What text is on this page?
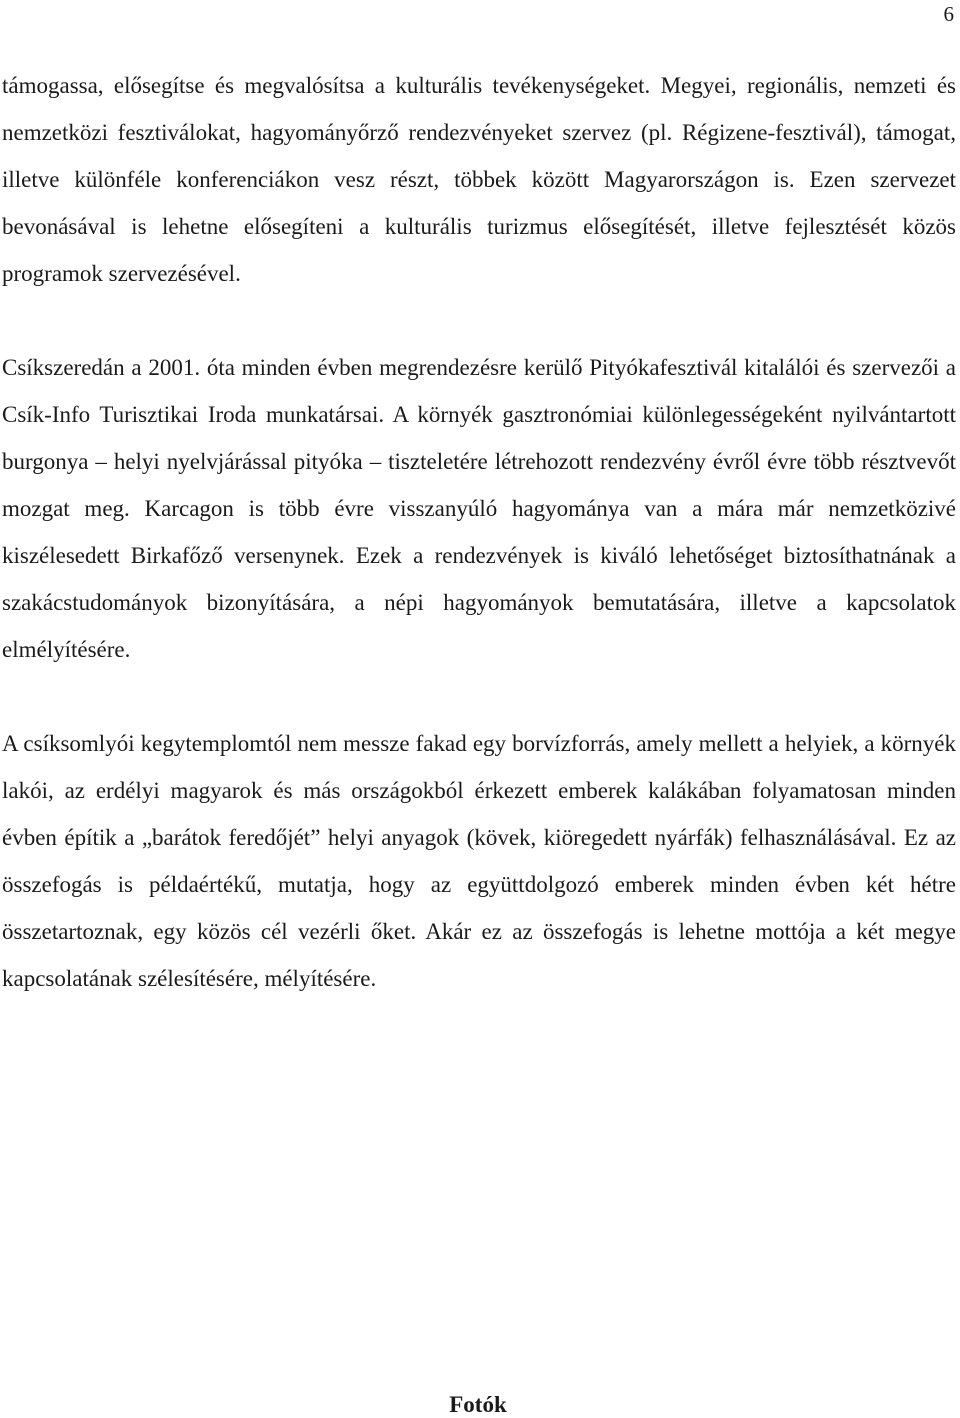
6

támogassa, elősegítse és megvalósítsa a kulturális tevékenységeket. Megyei, regionális, nemzeti és nemzetközi fesztiválokat, hagyományőrző rendezvényeket szervez (pl. Régizene-fesztivál), támogat, illetve különféle konferenciákon vesz részt, többek között Magyarországon is. Ezen szervezet bevonásával is lehetne elősegíteni a kulturális turizmus elősegítését, illetve fejlesztését közös programok szervezésével.

Csíkszeredán a 2001. óta minden évben megrendezésre kerülő Pityókafesztivál kitalálói és szervezői a Csík-Info Turisztikai Iroda munkatársai. A környék gasztronómiai különlegességeként nyilvántartott burgonya – helyi nyelvjárással pityóka – tiszteletére létrehozott rendezvény évről évre több résztvevőt mozgat meg. Karcagon is több évre visszanyúló hagyománya van a mára már nemzetközivé kiszélesedett Birkafőző versenynek. Ezek a rendezvények is kiváló lehetőséget biztosíthatnának a szakácstudományok bizonyítására, a népi hagyományok bemutatására, illetve a kapcsolatok elmélyítésére.

A csíksomlyói kegytemplomtól nem messze fakad egy borvízforrás, amely mellett a helyiek, a környék lakói, az erdélyi magyarok és más országokból érkezett emberek kalákában folyamatosan minden évben építik a „barátok feredőjét” helyi anyagok (kövek, kiöregedett nyárfák) felhasználásával. Ez az összefogás is példaértékű, mutatja, hogy az együttdolgozó emberek minden évben két hétre összetartoznak, egy közös cél vezérli őket. Akár ez az összefogás is lehetne mottója a két megye kapcsolatának szélesítésére, mélyítésére.

Fotók
